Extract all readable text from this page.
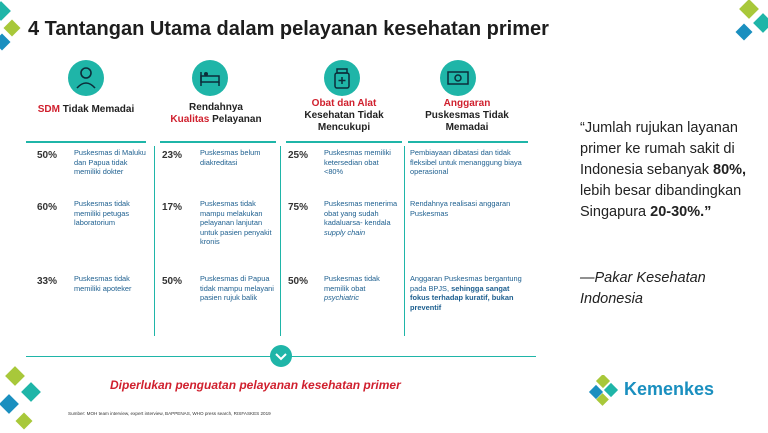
4 Tantangan Utama dalam pelayanan kesehatan primer
SDM Tidak Memadai
50% Puskesmas di Maluku dan Papua tidak memiliki dokter
60% Puskesmas tidak memiliki petugas laboratorium
33% Puskesmas tidak memiliki apoteker
Rendahnya
Kualitas Pelayanan
23% Puskesmas belum diakreditasi
17% Puskesmas tidak mampu melakukan pelayanan lanjutan untuk pasien penyakit kronis
50% Puskesmas di Papua tidak mampu melayani pasien rujuk balik
Obat dan Alat
Kesehatan Tidak Mencukupi
25% Puskesmas memiliki ketersedian obat <80%
75% Puskesmas menerima obat yang sudah kadaluarsa- kendala supply chain
50% Puskesmas tidak memilik obat psychiatric
Anggaran
Puskesmas Tidak Memadai
Pembiayaan dibatasi dan tidak fleksibel untuk menanggung biaya operasional
Rendahnya realisasi anggaran Puskesmas
Anggaran Puskesmas bergantung pada BPJS, sehingga sangat fokus terhadap kuratif, bukan preventif
“Jumlah rujukan layanan primer ke rumah sakit di Indonesia sebanyak 80%, lebih besar dibandingkan Singapura 20-30%.”
—Pakar Kesehatan Indonesia
Diperlukan penguatan pelayanan kesehatan primer
Sumber: MOH team interview, expert interview, BAPPENAS, WHO press search, RISFASKES 2019
Kemenkes
